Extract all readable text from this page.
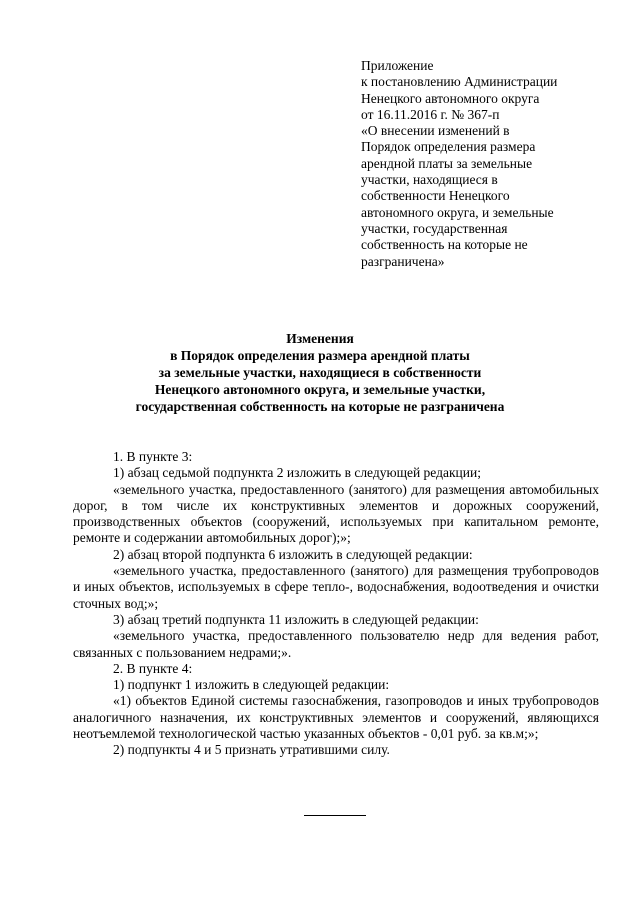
Приложение
к постановлению Администрации
Ненецкого автономного округа
от 16.11.2016 г. № 367-п
«О внесении изменений в
Порядок определения размера
арендной платы за земельные
участки, находящиеся в
собственности Ненецкого
автономного округа, и земельные
участки, государственная
собственность на которые не
разграничена»
Изменения
в Порядок определения размера арендной платы
за земельные участки, находящиеся в собственности
Ненецкого автономного округа, и земельные участки,
государственная собственность на которые не разграничена

1. В пункте 3:

1) абзац седьмой подпункта 2 изложить в следующей редакции;

«земельного участка, предоставленного (занятого) для размещения автомобильных дорог, в том числе их конструктивных элементов и дорожных сооружений, производственных объектов (сооружений, используемых при капитальном ремонте, ремонте и содержании автомобильных дорог);»;

2) абзац второй подпункта 6 изложить в следующей редакции:

«земельного участка, предоставленного (занятого) для размещения трубопроводов и иных объектов, используемых в сфере тепло-, водоснабжения, водоотведения и очистки сточных вод;»;

3) абзац третий подпункта 11 изложить в следующей редакции:

«земельного участка, предоставленного пользователю недр для ведения работ, связанных с пользованием недрами;».

2. В пункте 4:

1) подпункт 1 изложить в следующей редакции:

«1) объектов Единой системы газоснабжения, газопроводов и иных трубопроводов аналогичного назначения, их конструктивных элементов и сооружений, являющихся неотъемлемой технологической частью указанных объектов - 0,01 руб. за кв.м;»;

2) подпункты 4 и 5 признать утратившими силу.
